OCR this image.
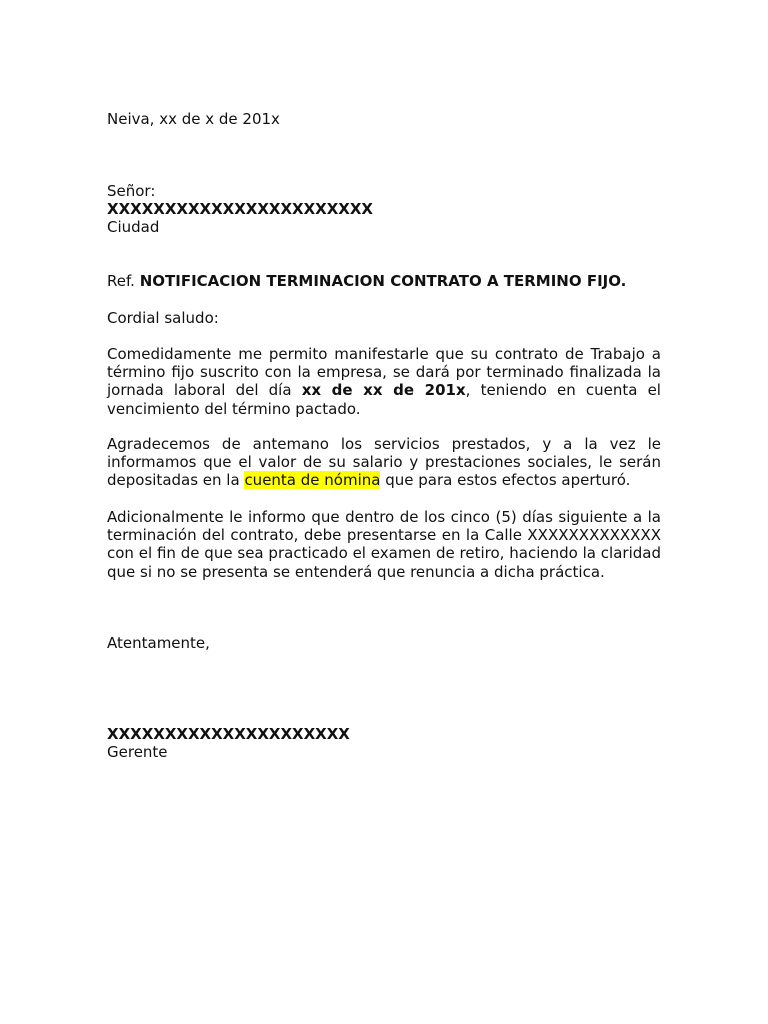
Neiva, xx de x de 201x
Señor:
XXXXXXXXXXXXXXXXXXXXXXX
Ciudad
Ref. NOTIFICACION TERMINACION CONTRATO A TERMINO FIJO.
Cordial saludo:

Comedidamente me permito manifestarle que su contrato de Trabajo a término fijo suscrito con la empresa, se dará por terminado finalizada la jornada laboral del día xx de xx de 201x, teniendo en cuenta el vencimiento del término pactado.

Agradecemos de antemano los servicios prestados, y a la vez le informamos que el valor de su salario y prestaciones sociales, le serán depositadas en la cuenta de nómina que para estos efectos aperturó.

Adicionalmente le informo que dentro de los cinco (5) días siguiente a la terminación del contrato, debe presentarse en la Calle XXXXXXXXXXXXX con el fin de que sea practicado el examen de retiro, haciendo la claridad que si no se presenta se entenderá que renuncia a dicha práctica.

Atentamente,
XXXXXXXXXXXXXXXXXXXXX
Gerente
